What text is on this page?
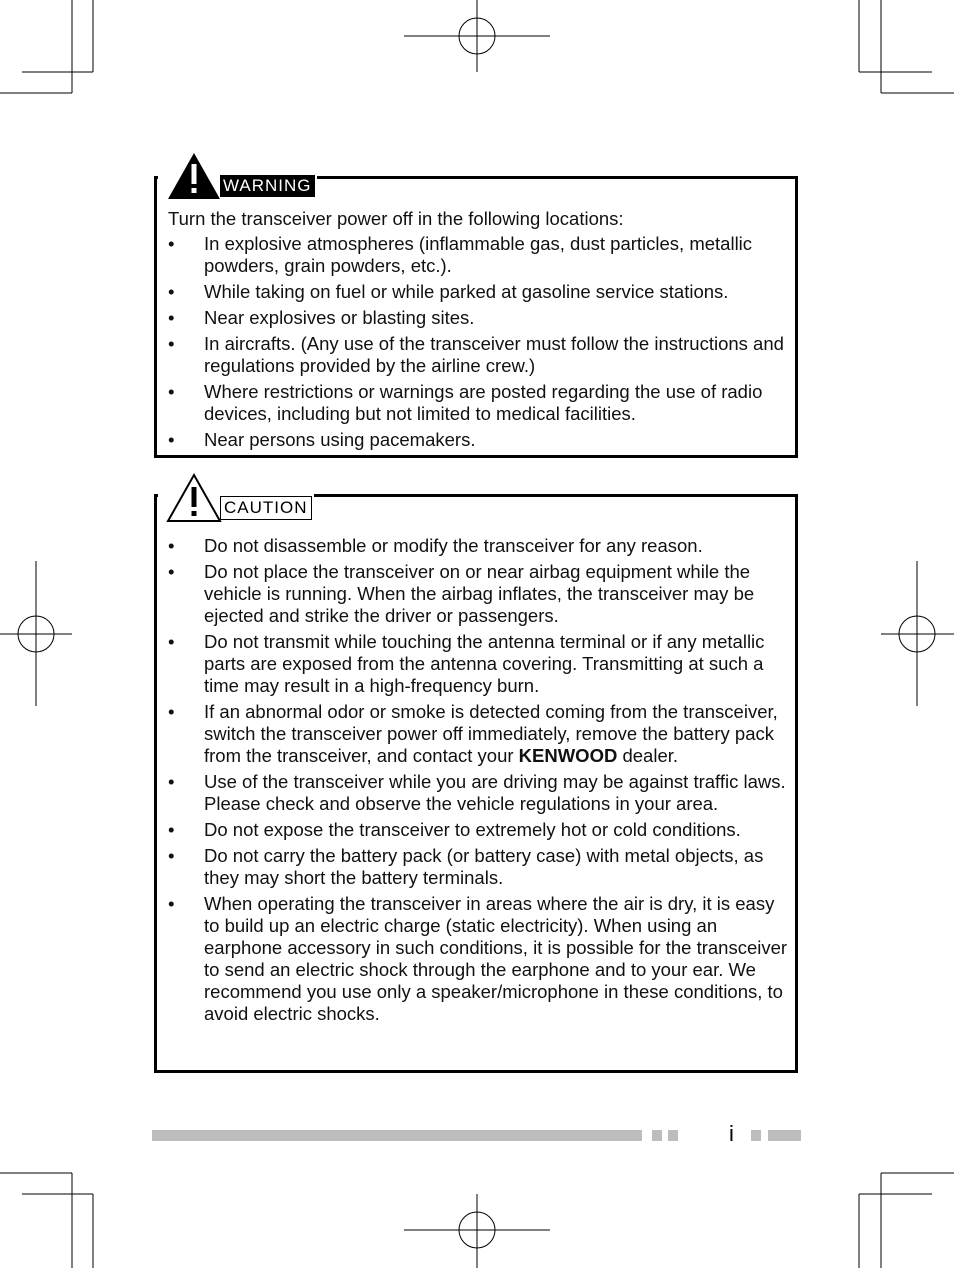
WARNING

Turn the transceiver power off in the following locations:

• In explosive atmospheres (inflammable gas, dust particles, metallic powders, grain powders, etc.).
• While taking on fuel or while parked at gasoline service stations.
• Near explosives or blasting sites.
• In aircrafts. (Any use of the transceiver must follow the instructions and regulations provided by the airline crew.)
• Where restrictions or warnings are posted regarding the use of radio devices, including but not limited to medical facilities.
• Near persons using pacemakers.
CAUTION
• Do not disassemble or modify the transceiver for any reason.
• Do not place the transceiver on or near airbag equipment while the vehicle is running. When the airbag inflates, the transceiver may be ejected and strike the driver or passengers.
• Do not transmit while touching the antenna terminal or if any metallic parts are exposed from the antenna covering. Transmitting at such a time may result in a high-frequency burn.
• If an abnormal odor or smoke is detected coming from the transceiver, switch the transceiver power off immediately, remove the battery pack from the transceiver, and contact your KENWOOD dealer.
• Use of the transceiver while you are driving may be against traffic laws. Please check and observe the vehicle regulations in your area.
• Do not expose the transceiver to extremely hot or cold conditions.
• Do not carry the battery pack (or battery case) with metal objects, as they may short the battery terminals.
• When operating the transceiver in areas where the air is dry, it is easy to build up an electric charge (static electricity). When using an earphone accessory in such conditions, it is possible for the transceiver to send an electric shock through the earphone and to your ear. We recommend you use only a speaker/microphone in these conditions, to avoid electric shocks.
i
